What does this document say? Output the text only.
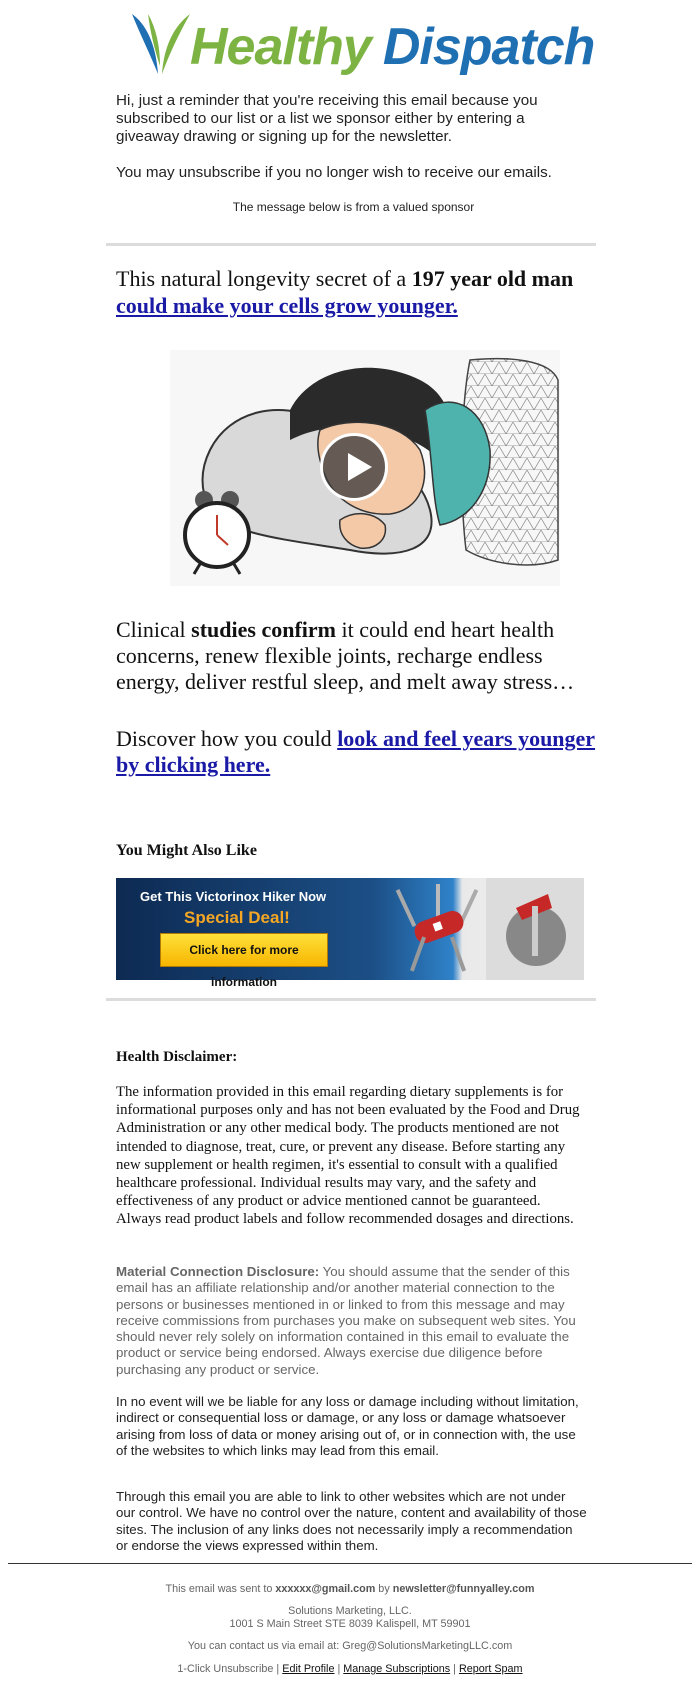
Healthy Dispatch

Hi, just a reminder that you're receiving this email because you subscribed to our list or a list we sponsor either by entering a giveaway drawing or signing up for the newsletter.

You may unsubscribe if you no longer wish to receive our emails.

The message below is from a valued sponsor
This natural longevity secret of a 197 year old man
could make your cells grow younger.
Clinical studies confirm it could end heart health concerns, renew flexible joints, recharge endless energy, deliver restful sleep, and melt away stress…
Discover how you could look and feel years younger by clicking here.
You Might Also Like
Get This Victorinox Hiker Now
Special Deal!
Click here for more information
Health Disclaimer:
The information provided in this email regarding dietary supplements is for informational purposes only and has not been evaluated by the Food and Drug Administration or any other medical body. The products mentioned are not intended to diagnose, treat, cure, or prevent any disease. Before starting any new supplement or health regimen, it's essential to consult with a qualified healthcare professional. Individual results may vary, and the safety and effectiveness of any product or advice mentioned cannot be guaranteed. Always read product labels and follow recommended dosages and directions.
Material Connection Disclosure: You should assume that the sender of this email has an affiliate relationship and/or another material connection to the persons or businesses mentioned in or linked to from this message and may receive commissions from purchases you make on subsequent web sites. You should never rely solely on information contained in this email to evaluate the product or service being endorsed. Always exercise due diligence before purchasing any product or service.
In no event will we be liable for any loss or damage including without limitation, indirect or consequential loss or damage, or any loss or damage whatsoever arising from loss of data or money arising out of, or in connection with, the use of the websites to which links may lead from this email.
Through this email you are able to link to other websites which are not under our control. We have no control over the nature, content and availability of those sites. The inclusion of any links does not necessarily imply a recommendation or endorse the views expressed within them.
This email was sent to xxxxxx@gmail.com by newsletter@funnyalley.com
Solutions Marketing, LLC.
1001 S Main Street STE 8039 Kalispell, MT 59901
You can contact us via email at: Greg@SolutionsMarketingLLC.com
1-Click Unsubscribe | Edit Profile | Manage Subscriptions | Report Spam
